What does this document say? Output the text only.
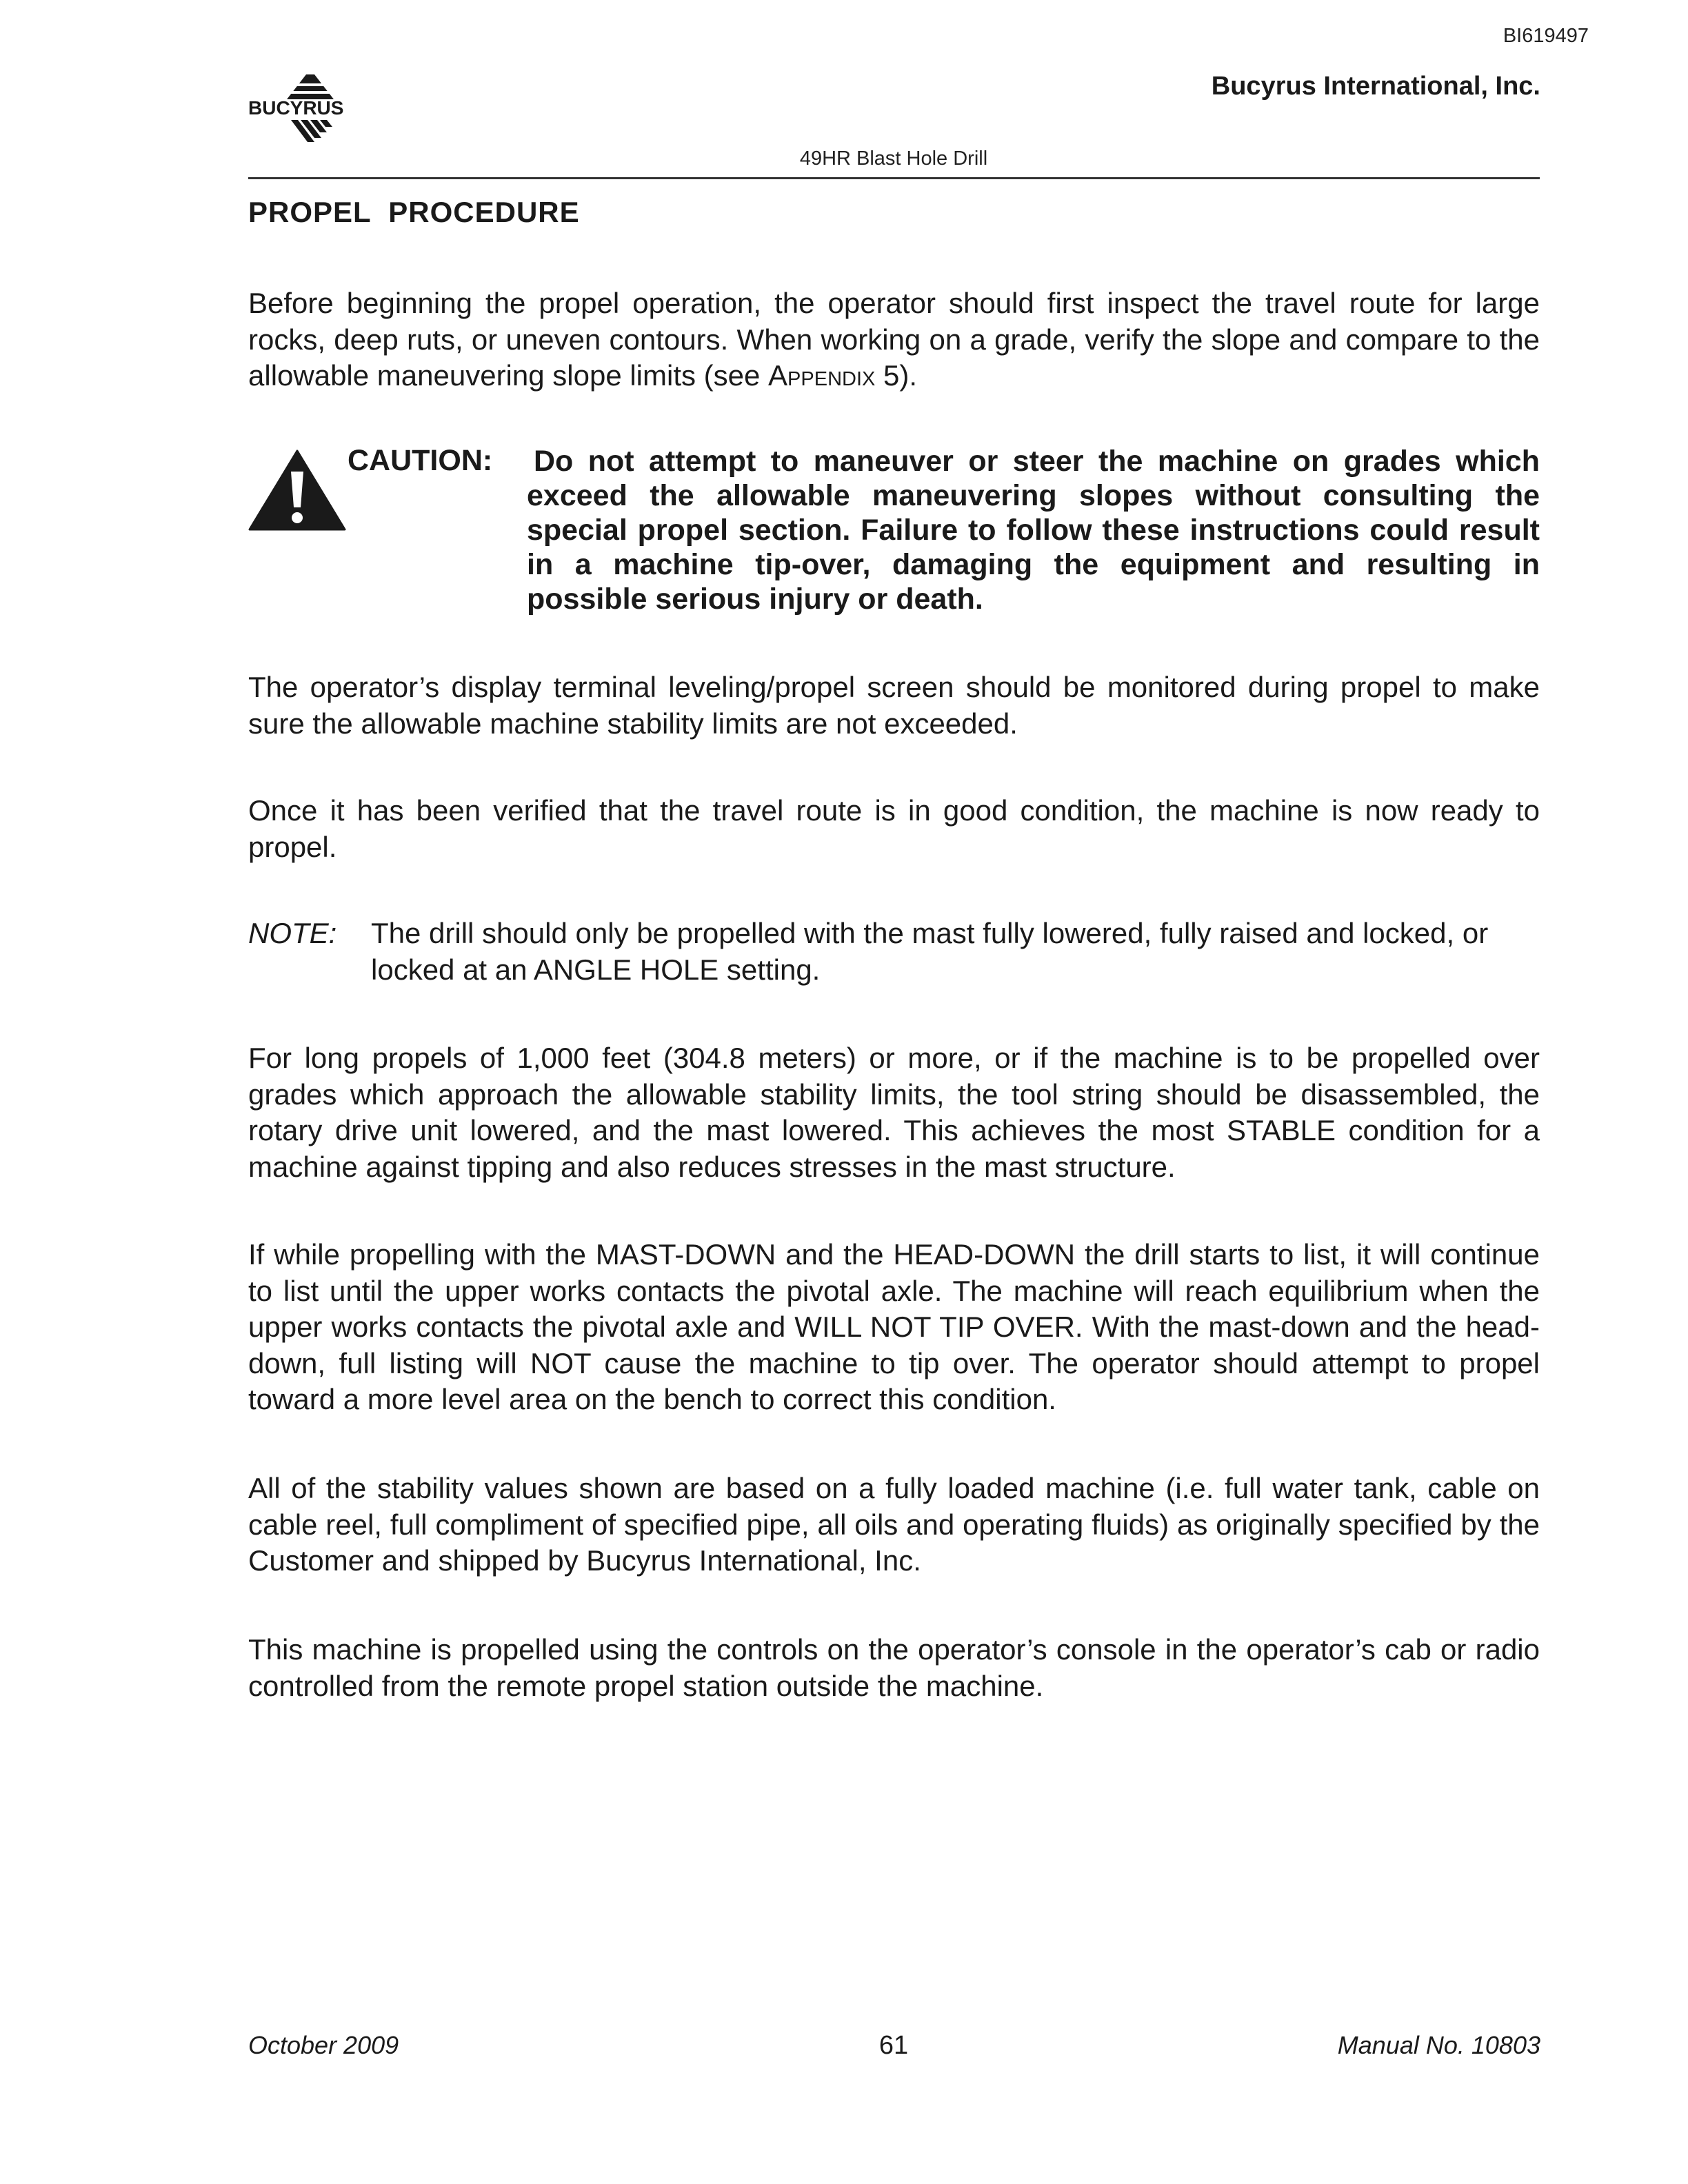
BI619497
BUCYRUS
Bucyrus International, Inc.
49HR Blast Hole Drill
PROPEL  PROCEDURE

Before beginning the propel operation, the operator should first inspect the travel route for large rocks, deep ruts, or uneven contours. When working on a grade, verify the slope and compare to the allowable maneuvering slope limits (see Appendix 5).

CAUTION: Do not attempt to maneuver or steer the machine on grades which exceed the allowable maneuvering slopes without consulting the special propel section. Failure to follow these instructions could result in a machine tip-over, damaging the equipment and resulting in possible serious injury or death.

The operator’s display terminal leveling/propel screen should be monitored during propel to make sure the allowable machine stability limits are not exceeded.

Once it has been verified that the travel route is in good condition, the machine is now ready to propel.

NOTE: The drill should only be propelled with the mast fully lowered, fully raised and locked, or locked at an ANGLE HOLE setting.

For long propels of 1,000 feet (304.8 meters) or more, or if the machine is to be propelled over grades which approach the allowable stability limits, the tool string should be disassembled, the rotary drive unit lowered, and the mast lowered. This achieves the most STABLE condition for a machine against tipping and also reduces stresses in the mast structure.

If while propelling with the MAST-DOWN and the HEAD-DOWN the drill starts to list, it will continue to list until the upper works contacts the pivotal axle. The machine will reach equilibrium when the upper works contacts the pivotal axle and WILL NOT TIP OVER. With the mast-down and the head-down, full listing will NOT cause the machine to tip over. The operator should attempt to propel toward a more level area on the bench to correct this condition.

All of the stability values shown are based on a fully loaded machine (i.e. full water tank, cable on cable reel, full compliment of specified pipe, all oils and operating fluids) as originally specified by the Customer and shipped by Bucyrus International, Inc.

This machine is propelled using the controls on the operator’s console in the operator’s cab or radio controlled from the remote propel station outside the machine.

October 2009	61	Manual No. 10803
